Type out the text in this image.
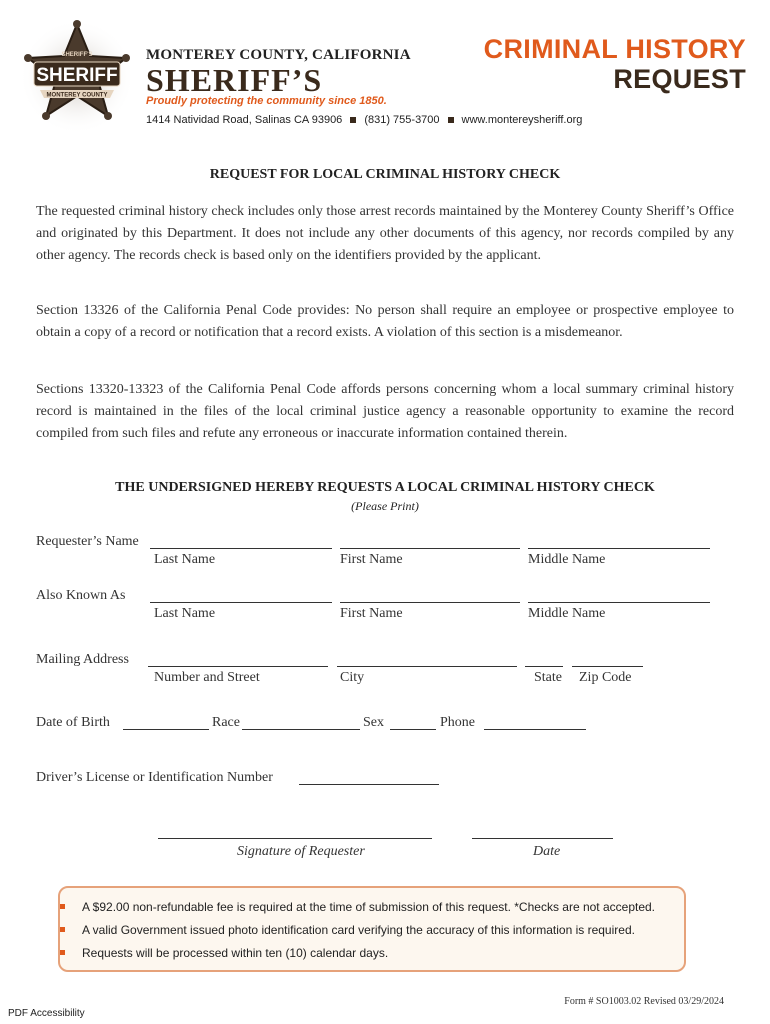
SHERIFF
SHERIFF'S
MONTEREY COUNTY
MONTEREY COUNTY, CALIFORNIA
SHERIFF’S
Proudly protecting the community since 1850.
1414 Natividad Road, Salinas CA 93906 (831) 755-3700 www.montereysheriff.org
CRIMINAL HISTORY
REQUEST
REQUEST FOR LOCAL CRIMINAL HISTORY CHECK
The requested criminal history check includes only those arrest records maintained by the Monterey County Sheriff’s Office and originated by this Department. It does not include any other documents of this agency, nor records compiled by any other agency. The records check is based only on the identifiers provided by the applicant.
Section 13326 of the California Penal Code provides: No person shall require an employee or prospective employee to obtain a copy of a record or notification that a record exists. A violation of this section is a misdemeanor.
Sections 13320-13323 of the California Penal Code affords persons concerning whom a local summary criminal history record is maintained in the files of the local criminal justice agency a reasonable opportunity to examine the record compiled from such files and refute any erroneous or inaccurate information contained therein.
THE UNDERSIGNED HEREBY REQUESTS A LOCAL CRIMINAL HISTORY CHECK
(Please Print)
Requester’s Name
Last Name	First Name	Middle Name
Also Known As
Last Name	First Name	Middle Name
Mailing Address
Number and Street	City	State Zip Code
Date of Birth	Race	Sex	Phone
Driver’s License or Identification Number
Signature of Requester	Date
A $92.00 non-refundable fee is required at the time of submission of this request. *Checks are not accepted.
A valid Government issued photo identification card verifying the accuracy of this information is required.
Requests will be processed within ten (10) calendar days.
Form # SO1003.02 Revised 03/29/2024
PDF Accessibility
